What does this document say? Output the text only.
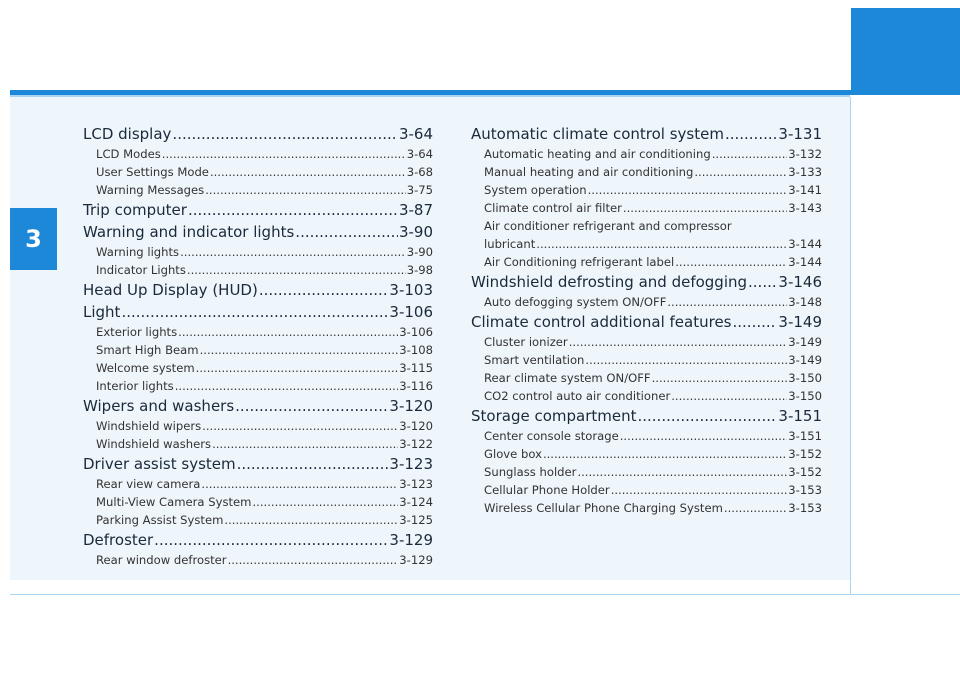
3
LCD display .....	3-64
LCD Modes .....	3-64
User Settings Mode .....	3-68
Warning Messages .....	3-75
Trip computer .....	3-87
Warning and indicator lights .....	3-90
Warning lights .....	3-90
Indicator Lights .....	3-98
Head Up Display (HUD) .....	3-103
Light .....	3-106
Exterior lights .....	3-106
Smart High Beam .....	3-108
Welcome system .....	3-115
Interior lights .....	3-116
Wipers and washers .....	3-120
Windshield wipers .....	3-120
Windshield washers .....	3-122
Driver assist system .....	3-123
Rear view camera .....	3-123
Multi-View Camera System .....	3-124
Parking Assist System .....	3-125
Defroster .....	3-129
Rear window defroster .....	3-129
Automatic climate control system .....	3-131
Automatic heating and air conditioning .....	3-132
Manual heating and air conditioning .....	3-133
System operation .....	3-141
Climate control air filter .....	3-143
Air conditioner refrigerant and compressor
lubricant .....	3-144
Air Conditioning refrigerant label .....	3-144
Windshield defrosting and defogging ..... 3-146
Auto defogging system ON/OFF .....	3-148
Climate control additional features .....	3-149
Cluster ionizer .....	3-149
Smart ventilation .....	3-149
Rear climate system ON/OFF .....	3-150
CO2 control auto air conditioner .....	3-150
Storage compartment .....	3-151
Center console storage .....	3-151
Glove box .....	3-152
Sunglass holder .....	3-152
Cellular Phone Holder .....	3-153
Wireless Cellular Phone Charging System .....	3-153
